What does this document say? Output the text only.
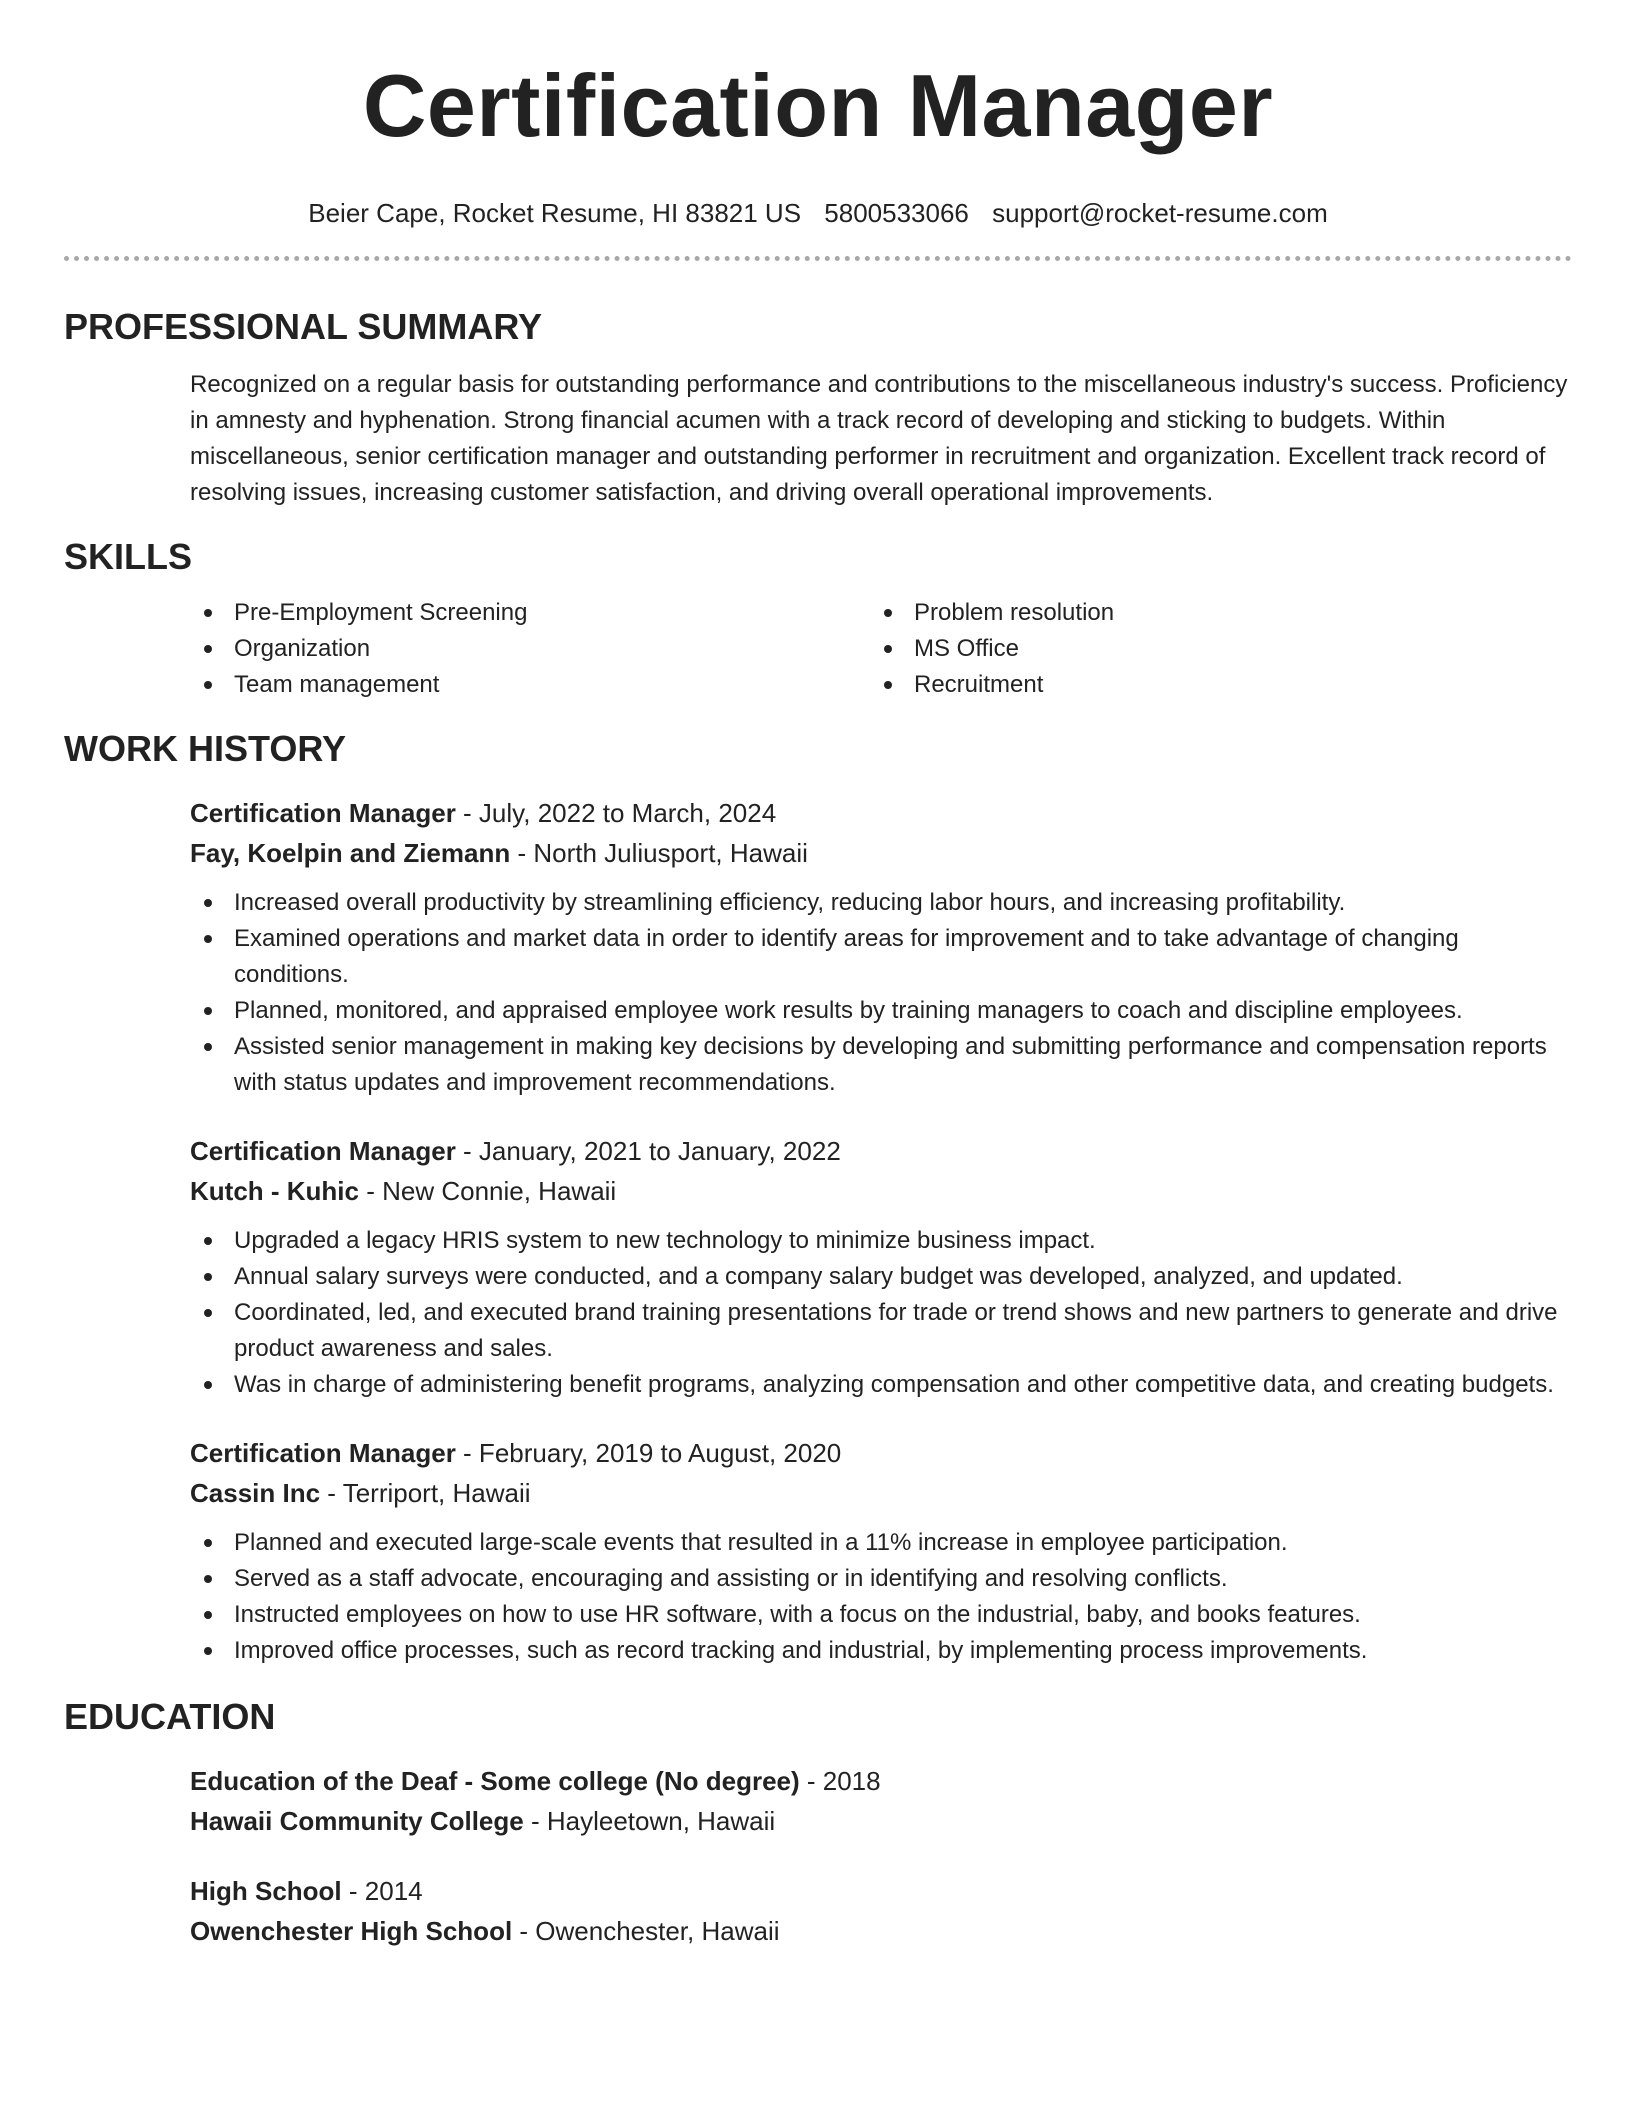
Certification Manager
Beier Cape, Rocket Resume, HI 83821 US 5800533066 support@rocket-resume.com
PROFESSIONAL SUMMARY
Recognized on a regular basis for outstanding performance and contributions to the miscellaneous industry's success. Proficiency in amnesty and hyphenation. Strong financial acumen with a track record of developing and sticking to budgets. Within miscellaneous, senior certification manager and outstanding performer in recruitment and organization. Excellent track record of resolving issues, increasing customer satisfaction, and driving overall operational improvements.
SKILLS
Pre-Employment Screening
Organization
Team management
Problem resolution
MS Office
Recruitment
WORK HISTORY
Certification Manager - July, 2022 to March, 2024
Fay, Koelpin and Ziemann - North Juliusport, Hawaii
Increased overall productivity by streamlining efficiency, reducing labor hours, and increasing profitability.
Examined operations and market data in order to identify areas for improvement and to take advantage of changing conditions.
Planned, monitored, and appraised employee work results by training managers to coach and discipline employees.
Assisted senior management in making key decisions by developing and submitting performance and compensation reports with status updates and improvement recommendations.
Certification Manager - January, 2021 to January, 2022
Kutch - Kuhic - New Connie, Hawaii
Upgraded a legacy HRIS system to new technology to minimize business impact.
Annual salary surveys were conducted, and a company salary budget was developed, analyzed, and updated.
Coordinated, led, and executed brand training presentations for trade or trend shows and new partners to generate and drive product awareness and sales.
Was in charge of administering benefit programs, analyzing compensation and other competitive data, and creating budgets.
Certification Manager - February, 2019 to August, 2020
Cassin Inc - Terriport, Hawaii
Planned and executed large-scale events that resulted in a 11% increase in employee participation.
Served as a staff advocate, encouraging and assisting or in identifying and resolving conflicts.
Instructed employees on how to use HR software, with a focus on the industrial, baby, and books features.
Improved office processes, such as record tracking and industrial, by implementing process improvements.
EDUCATION
Education of the Deaf - Some college (No degree) - 2018
Hawaii Community College - Hayleetown, Hawaii
High School - 2014
Owenchester High School - Owenchester, Hawaii
